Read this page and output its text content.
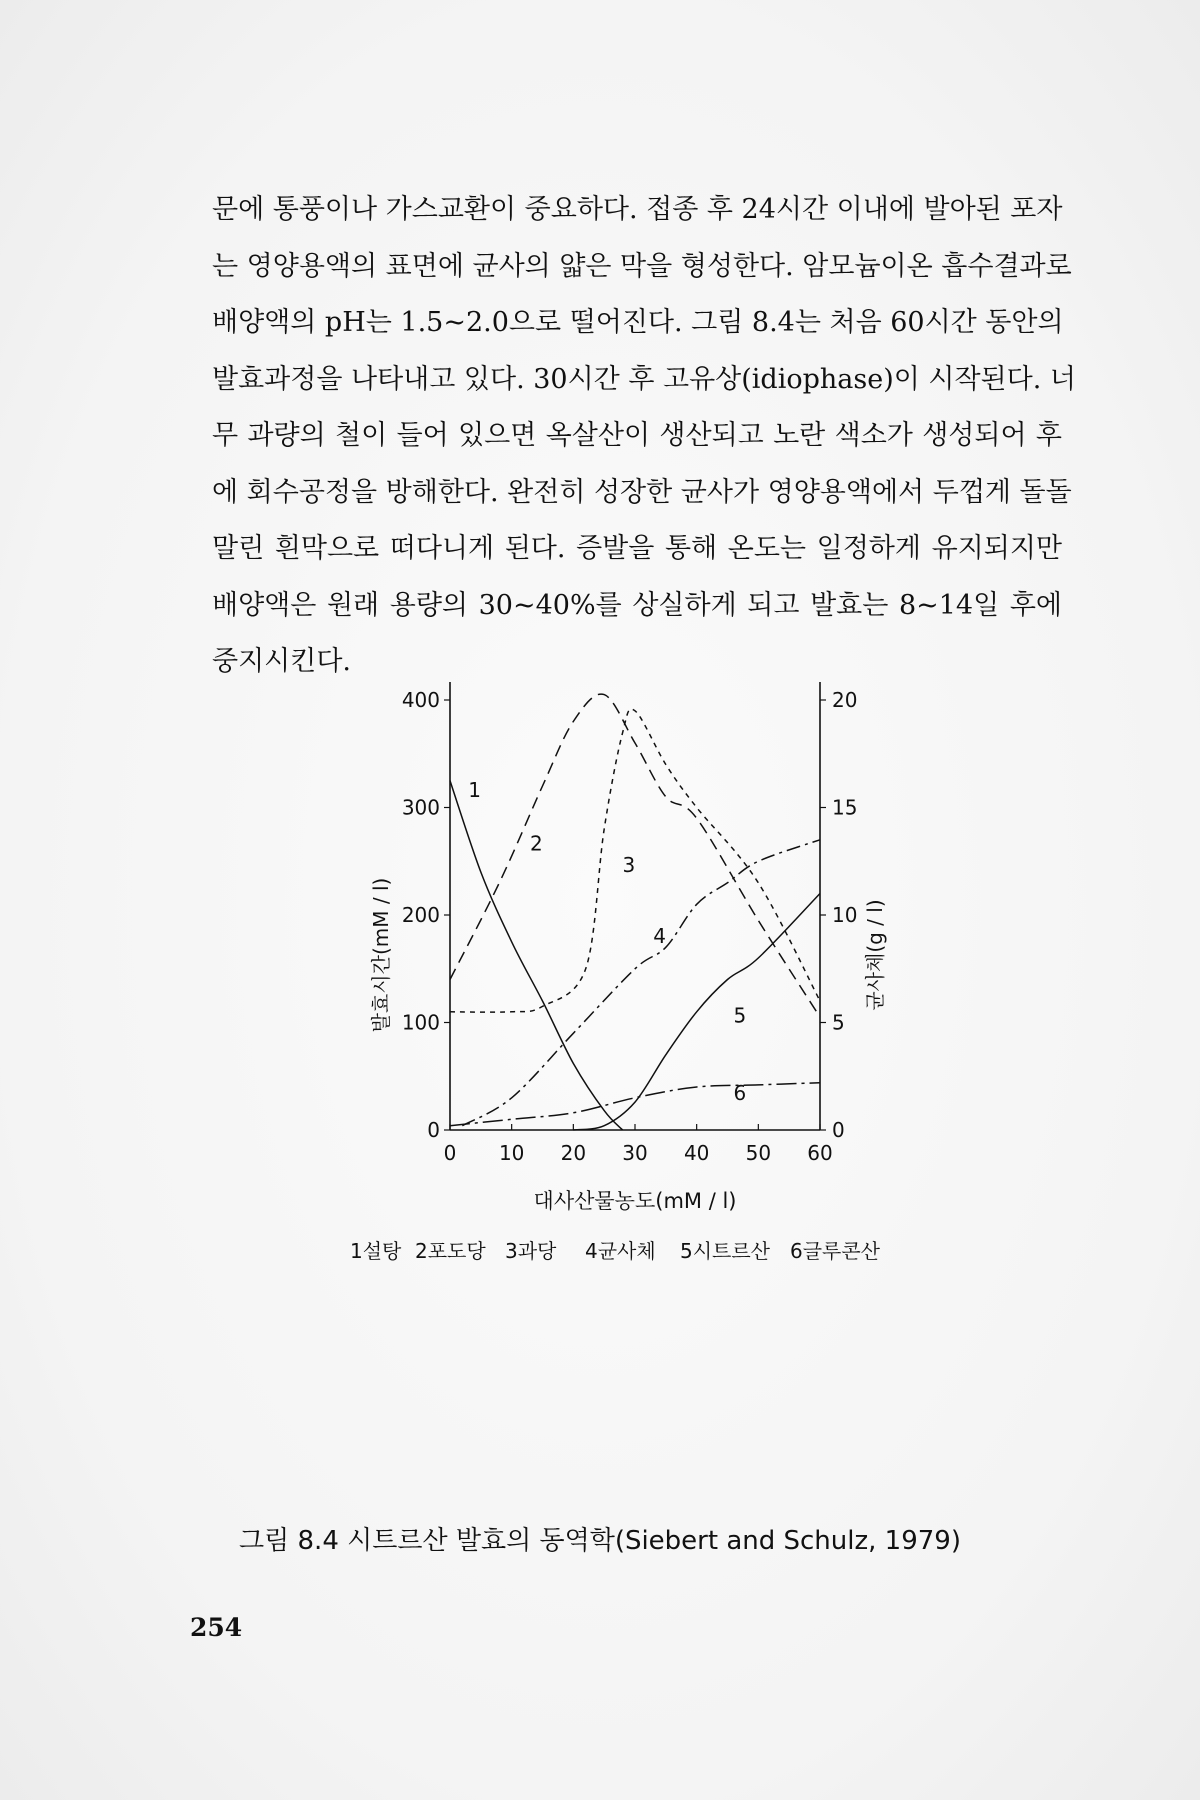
문에 통풍이나 가스교환이 중요하다. 접종 후 24시간 이내에 발아된 포자

는 영양용액의 표면에 균사의 얇은 막을 형성한다. 암모늄이온 흡수결과로

배양액의 pH는 1.5~2.0으로 떨어진다. 그림 8.4는 처음 60시간 동안의

발효과정을 나타내고 있다. 30시간 후 고유상(idiophase)이 시작된다. 너

무 과량의 철이 들어 있으면 옥살산이 생산되고 노란 색소가 생성되어 후

에 회수공정을 방해한다. 완전히 성장한 균사가 영양용액에서 두껍게 돌돌

말린 흰막으로 떠다니게 된다. 증발을 통해 온도는 일정하게 유지되지만

배양액은 원래 용량의 30~40%를 상실하게 되고 발효는 8~14일 후에

중지시킨다.

0 10 20 30 40 50 60
0
100
200
300
400
0
5
10
15
20
대사산물농도(mM / l)
발효시간(mM / l)	균사체(g / l)
1
2
3
4
5
6
1설탕 2포도당 3과당 4균사체 5시트르산 6글루콘산
그림 8.4 시트르산 발효의 동역학(Siebert and Schulz, 1979)
254
